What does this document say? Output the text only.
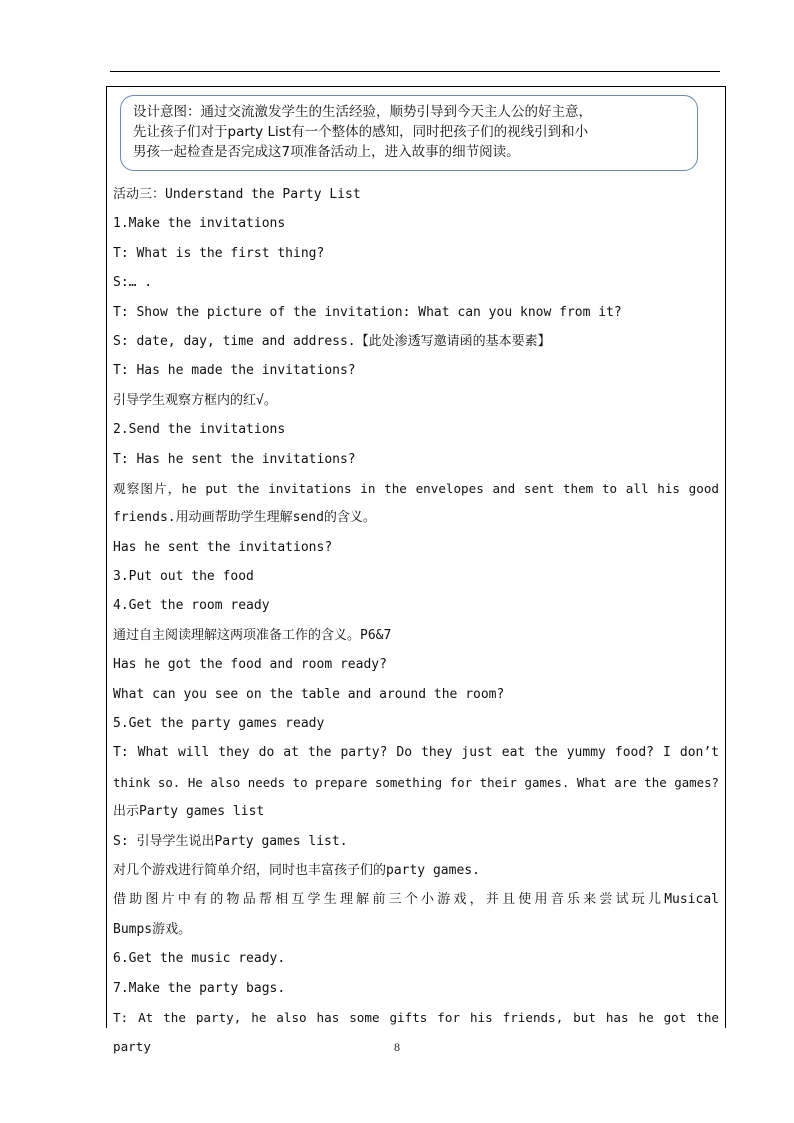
设计意图：通过交流激发学生的生活经验，顺势引导到今天主人公的好主意，
先让孩子们对于party List有一个整体的感知，同时把孩子们的视线引到和小
男孩一起检查是否完成这7项准备活动上，进入故事的细节阅读。
活动三：Understand the Party List
1.Make the invitations
T: What is the first thing?
S:… .
T: Show the picture of the invitation: What can you know from it?
S: date, day, time and address.【此处渗透写邀请函的基本要素】
T: Has he made the invitations?
引导学生观察方框内的红√。
2.Send the invitations
T: Has he sent the invitations?
观察图片，he put the invitations in the envelopes and sent them to all his good
friends.用动画帮助学生理解send的含义。
Has he sent the invitations?
3.Put out the food
4.Get the room ready
通过自主阅读理解这两项准备工作的含义。P6&7
Has he got the food and room ready?
What can you see on the table and around the room?
5.Get the party games ready
T: What will they do at the party? Do they just eat the yummy food? I don’t
think so. He also needs to prepare something for their games. What are the games?
出示Party games list
S: 引导学生说出Party games list.
对几个游戏进行简单介绍，同时也丰富孩子们的party games.
借助图片中有的物品帮相互学生理解前三个小游戏，并且使用音乐来尝试玩儿Musical
Bumps游戏。
6.Get the music ready.
7.Make the party bags.
T: At the party, he also has some gifts for his friends, but has he got the party	8
